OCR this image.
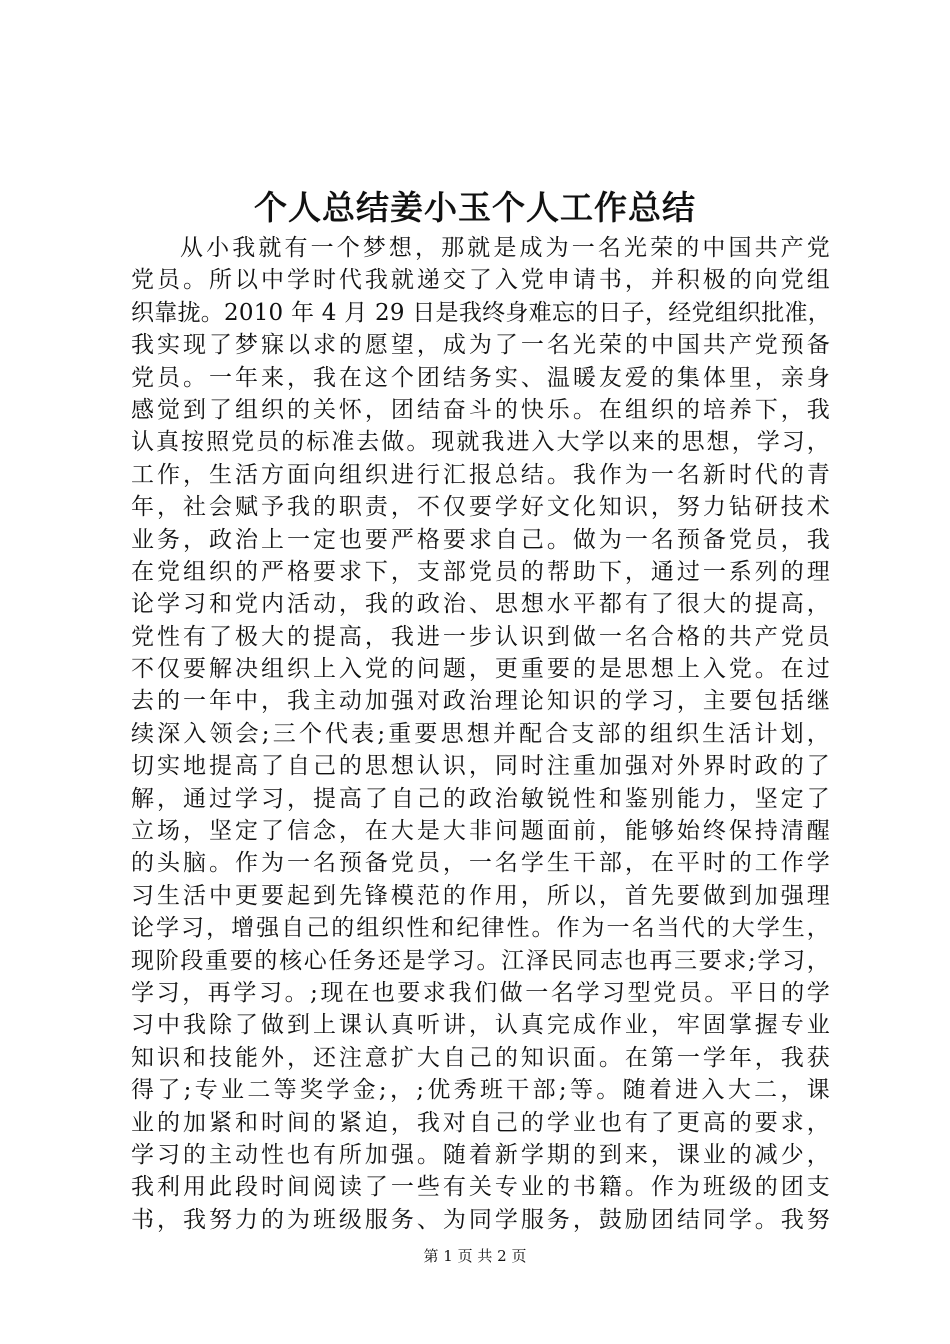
个人总结姜小玉个人工作总结
从小我就有一个梦想，那就是成为一名光荣的中国共产党
党员。所以中学时代我就递交了入党申请书，并积极的向党组
织靠拢。2010 年 4 月 29 日是我终身难忘的日子，经党组织批准，
我实现了梦寐以求的愿望，成为了一名光荣的中国共产党预备
党员。一年来，我在这个团结务实、温暖友爱的集体里，亲身
感觉到了组织的关怀，团结奋斗的快乐。在组织的培养下，我
认真按照党员的标准去做。现就我进入大学以来的思想，学习，
工作，生活方面向组织进行汇报总结。我作为一名新时代的青
年，社会赋予我的职责，不仅要学好文化知识，努力钻研技术
业务，政治上一定也要严格要求自己。做为一名预备党员，我
在党组织的严格要求下，支部党员的帮助下，通过一系列的理
论学习和党内活动，我的政治、思想水平都有了很大的提高，
党性有了极大的提高，我进一步认识到做一名合格的共产党员
不仅要解决组织上入党的问题，更重要的是思想上入党。在过
去的一年中，我主动加强对政治理论知识的学习，主要包括继
续深入领会;三个代表;重要思想并配合支部的组织生活计划，
切实地提高了自己的思想认识，同时注重加强对外界时政的了
解，通过学习，提高了自己的政治敏锐性和鉴别能力，坚定了
立场，坚定了信念，在大是大非问题面前，能够始终保持清醒
的头脑。作为一名预备党员，一名学生干部，在平时的工作学
习生活中更要起到先锋模范的作用，所以，首先要做到加强理
论学习，增强自己的组织性和纪律性。作为一名当代的大学生，
现阶段重要的核心任务还是学习。江泽民同志也再三要求;学习，
学习，再学习。;现在也要求我们做一名学习型党员。平日的学
习中我除了做到上课认真听讲，认真完成作业，牢固掌握专业
知识和技能外，还注意扩大自己的知识面。在第一学年，我获
得了;专业二等奖学金;，;优秀班干部;等。随着进入大二，课
业的加紧和时间的紧迫，我对自己的学业也有了更高的要求，
学习的主动性也有所加强。随着新学期的到来，课业的减少，
我利用此段时间阅读了一些有关专业的书籍。作为班级的团支
书，我努力的为班级服务、为同学服务，鼓励团结同学。我努
第 1 页 共 2 页
